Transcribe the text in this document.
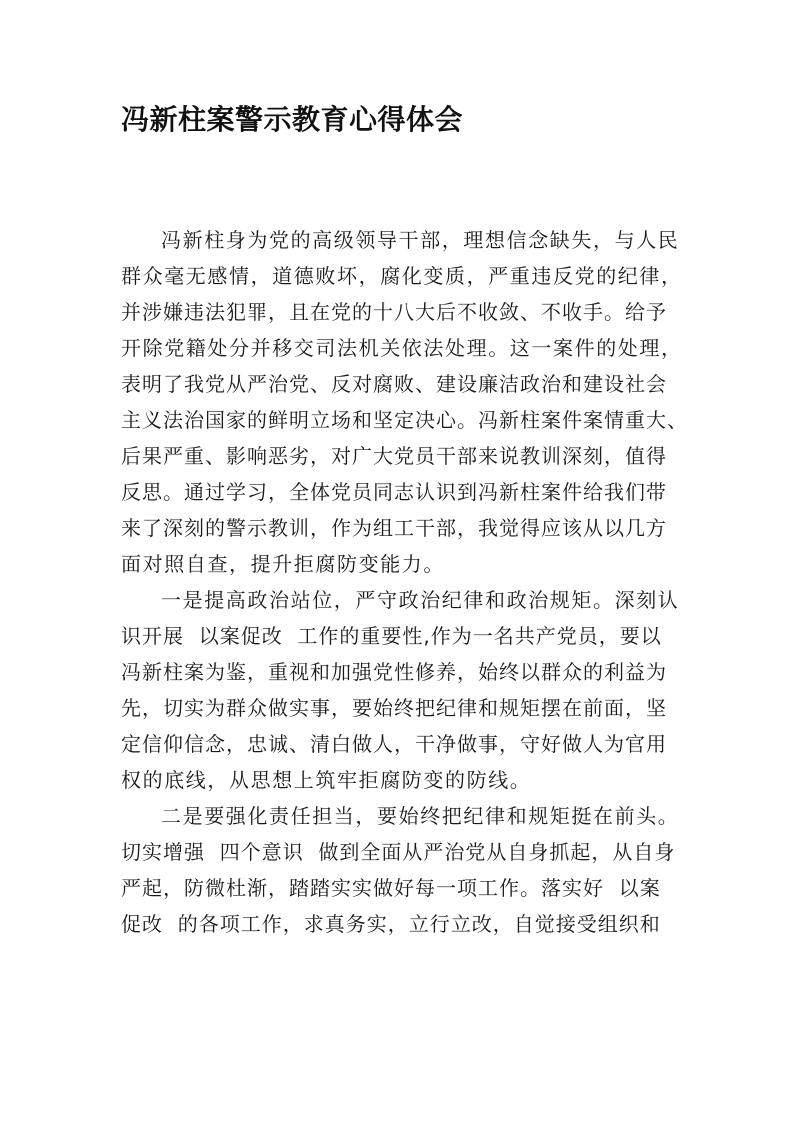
冯新柱案警示教育心得体会
冯新柱身为党的高级领导干部，理想信念缺失，与人民
群众毫无感情，道德败坏，腐化变质，严重违反党的纪律，
并涉嫌违法犯罪，且在党的十八大后不收敛、不收手。给予
开除党籍处分并移交司法机关依法处理。这一案件的处理，
表明了我党从严治党、反对腐败、建设廉洁政治和建设社会
主义法治国家的鲜明立场和坚定决心。冯新柱案件案情重大、
后果严重、影响恶劣，对广大党员干部来说教训深刻，值得
反思。通过学习，全体党员同志认识到冯新柱案件给我们带
来了深刻的警示教训，作为组工干部，我觉得应该从以几方
面对照自查，提升拒腐防变能力。
一是提高政治站位，严守政治纪律和政治规矩。深刻认
识开展  以案促改  工作的重要性,作为一名共产党员，要以
冯新柱案为鉴，重视和加强党性修养，始终以群众的利益为
先，切实为群众做实事，要始终把纪律和规矩摆在前面，坚
定信仰信念，忠诚、清白做人，干净做事，守好做人为官用
权的底线，从思想上筑牢拒腐防变的防线。
二是要强化责任担当，要始终把纪律和规矩挺在前头。
切实增强  四个意识  做到全面从严治党从自身抓起，从自身
严起，防微杜渐，踏踏实实做好每一项工作。落实好  以案
促改  的各项工作，求真务实，立行立改，自觉接受组织和
